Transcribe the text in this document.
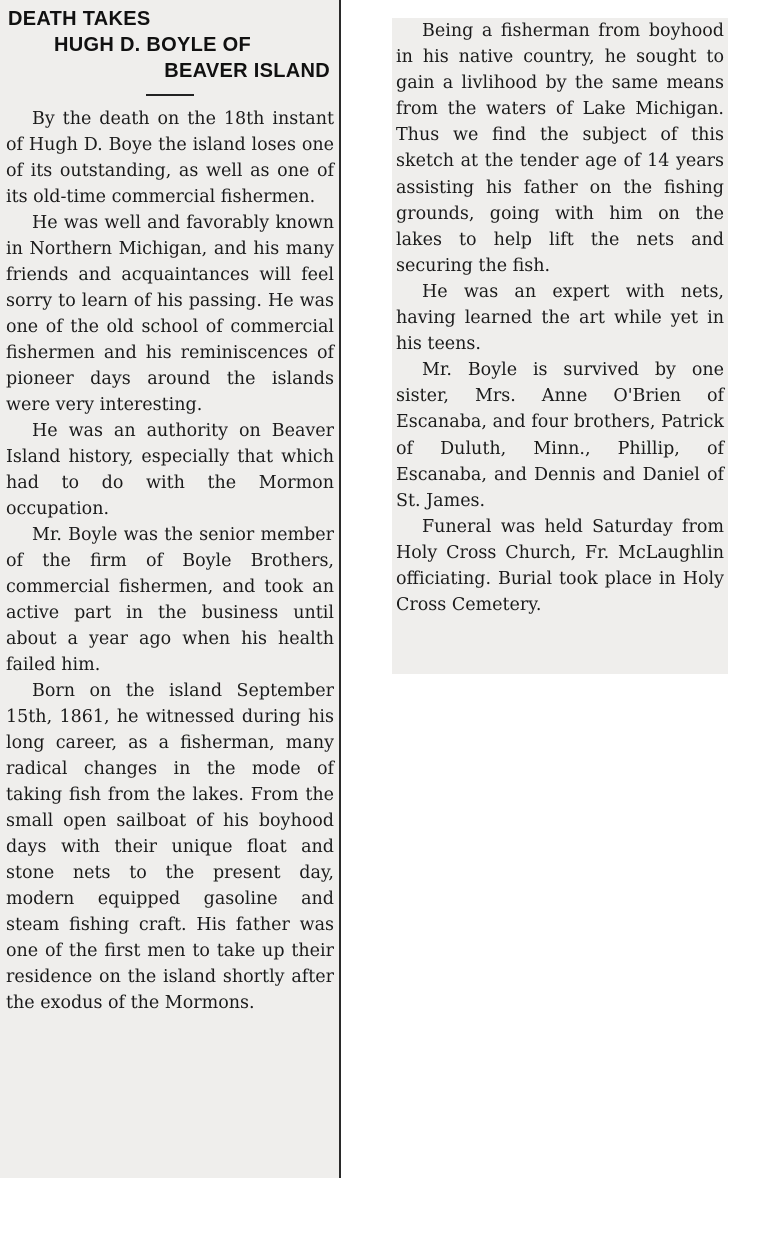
DEATH TAKES
HUGH D. BOYLE OF
BEAVER ISLAND

By the death on the 18th instant of Hugh D. Boye the island loses one of its outstanding, as well as one of its old-time commercial fishermen.

He was well and favorably known in Northern Michigan, and his many friends and acquaintances will feel sorry to learn of his passing. He was one of the old school of commercial fishermen and his reminiscences of pioneer days around the islands were very interesting.

He was an authority on Beaver Island history, especially that which had to do with the Mormon occupation.

Mr. Boyle was the senior member of the firm of Boyle Brothers, commercial fishermen, and took an active part in the business until about a year ago when his health failed him.

Born on the island September 15th, 1861, he witnessed during his long career, as a fisherman, many radical changes in the mode of taking fish from the lakes. From the small open sailboat of his boyhood days with their unique float and stone nets to the present day, modern equipped gasoline and steam fishing craft. His father was one of the first men to take up their residence on the island shortly after the exodus of the Mormons.

Being a fisherman from boyhood in his native country, he sought to gain a livlihood by the same means from the waters of Lake Michigan. Thus we find the subject of this sketch at the tender age of 14 years assisting his father on the fishing grounds, going with him on the lakes to help lift the nets and securing the fish.

He was an expert with nets, having learned the art while yet in his teens.

Mr. Boyle is survived by one sister, Mrs. Anne O'Brien of Escanaba, and four brothers, Patrick of Duluth, Minn., Phillip, of Escanaba, and Dennis and Daniel of St. James.

Funeral was held Saturday from Holy Cross Church, Fr. McLaughlin officiating. Burial took place in Holy Cross Cemetery.
